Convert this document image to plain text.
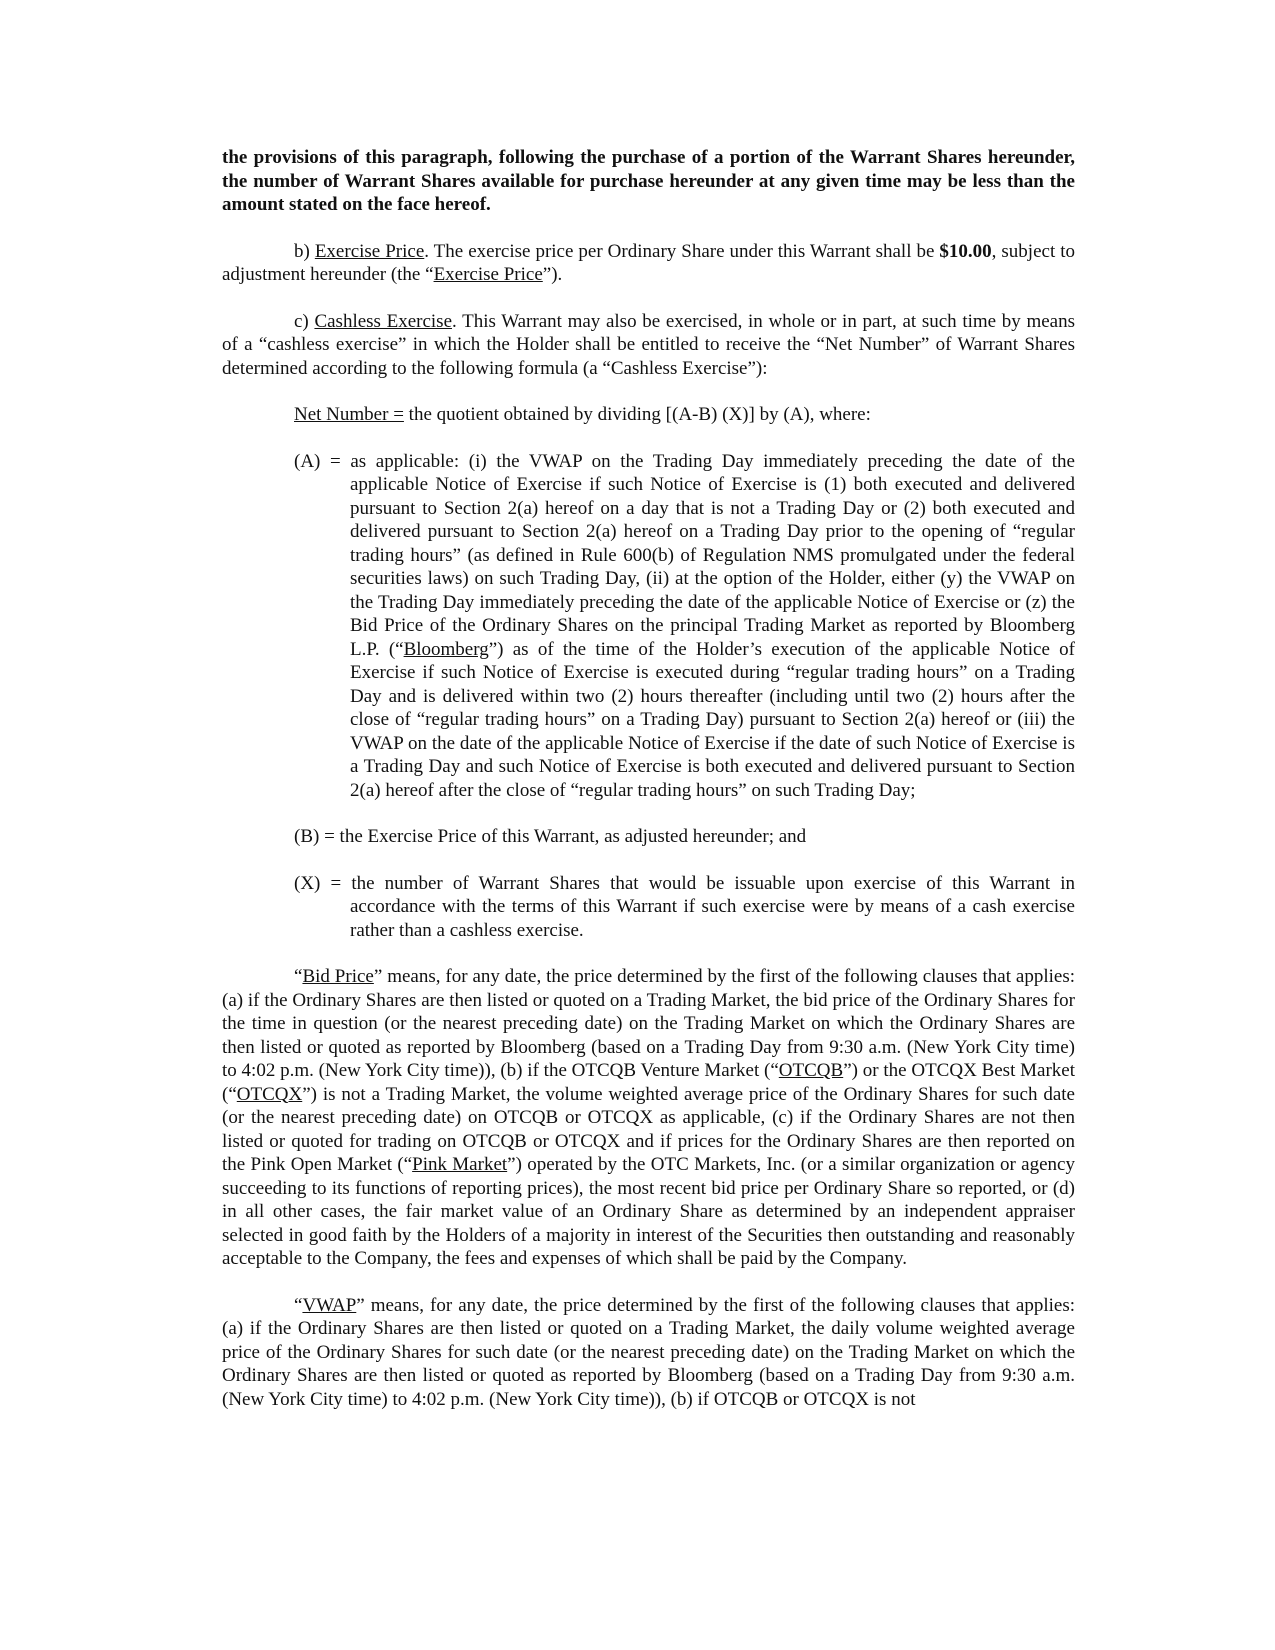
the provisions of this paragraph, following the purchase of a portion of the Warrant Shares hereunder, the number of Warrant Shares available for purchase hereunder at any given time may be less than the amount stated on the face hereof.

b) Exercise Price. The exercise price per Ordinary Share under this Warrant shall be $10.00, subject to adjustment hereunder (the “Exercise Price”).

c) Cashless Exercise. This Warrant may also be exercised, in whole or in part, at such time by means of a “cashless exercise” in which the Holder shall be entitled to receive the “Net Number” of Warrant Shares determined according to the following formula (a “Cashless Exercise”):

Net Number = the quotient obtained by dividing [(A-B) (X)] by (A), where:

(A) = as applicable: (i) the VWAP on the Trading Day immediately preceding the date of the applicable Notice of Exercise if such Notice of Exercise is (1) both executed and delivered pursuant to Section 2(a) hereof on a day that is not a Trading Day or (2) both executed and delivered pursuant to Section 2(a) hereof on a Trading Day prior to the opening of “regular trading hours” (as defined in Rule 600(b) of Regulation NMS promulgated under the federal securities laws) on such Trading Day, (ii) at the option of the Holder, either (y) the VWAP on the Trading Day immediately preceding the date of the applicable Notice of Exercise or (z) the Bid Price of the Ordinary Shares on the principal Trading Market as reported by Bloomberg L.P. (“Bloomberg”) as of the time of the Holder’s execution of the applicable Notice of Exercise if such Notice of Exercise is executed during “regular trading hours” on a Trading Day and is delivered within two (2) hours thereafter (including until two (2) hours after the close of “regular trading hours” on a Trading Day) pursuant to Section 2(a) hereof or (iii) the VWAP on the date of the applicable Notice of Exercise if the date of such Notice of Exercise is a Trading Day and such Notice of Exercise is both executed and delivered pursuant to Section 2(a) hereof after the close of “regular trading hours” on such Trading Day;

(B) = the Exercise Price of this Warrant, as adjusted hereunder; and

(X) = the number of Warrant Shares that would be issuable upon exercise of this Warrant in accordance with the terms of this Warrant if such exercise were by means of a cash exercise rather than a cashless exercise.

“Bid Price” means, for any date, the price determined by the first of the following clauses that applies: (a) if the Ordinary Shares are then listed or quoted on a Trading Market, the bid price of the Ordinary Shares for the time in question (or the nearest preceding date) on the Trading Market on which the Ordinary Shares are then listed or quoted as reported by Bloomberg (based on a Trading Day from 9:30 a.m. (New York City time) to 4:02 p.m. (New York City time)), (b) if the OTCQB Venture Market (“OTCQB”) or the OTCQX Best Market (“OTCQX”) is not a Trading Market, the volume weighted average price of the Ordinary Shares for such date (or the nearest preceding date) on OTCQB or OTCQX as applicable, (c) if the Ordinary Shares are not then listed or quoted for trading on OTCQB or OTCQX and if prices for the Ordinary Shares are then reported on the Pink Open Market (“Pink Market”) operated by the OTC Markets, Inc. (or a similar organization or agency succeeding to its functions of reporting prices), the most recent bid price per Ordinary Share so reported, or (d) in all other cases, the fair market value of an Ordinary Share as determined by an independent appraiser selected in good faith by the Holders of a majority in interest of the Securities then outstanding and reasonably acceptable to the Company, the fees and expenses of which shall be paid by the Company.

“VWAP” means, for any date, the price determined by the first of the following clauses that applies: (a) if the Ordinary Shares are then listed or quoted on a Trading Market, the daily volume weighted average price of the Ordinary Shares for such date (or the nearest preceding date) on the Trading Market on which the Ordinary Shares are then listed or quoted as reported by Bloomberg (based on a Trading Day from 9:30 a.m. (New York City time) to 4:02 p.m. (New York City time)), (b) if OTCQB or OTCQX is not
